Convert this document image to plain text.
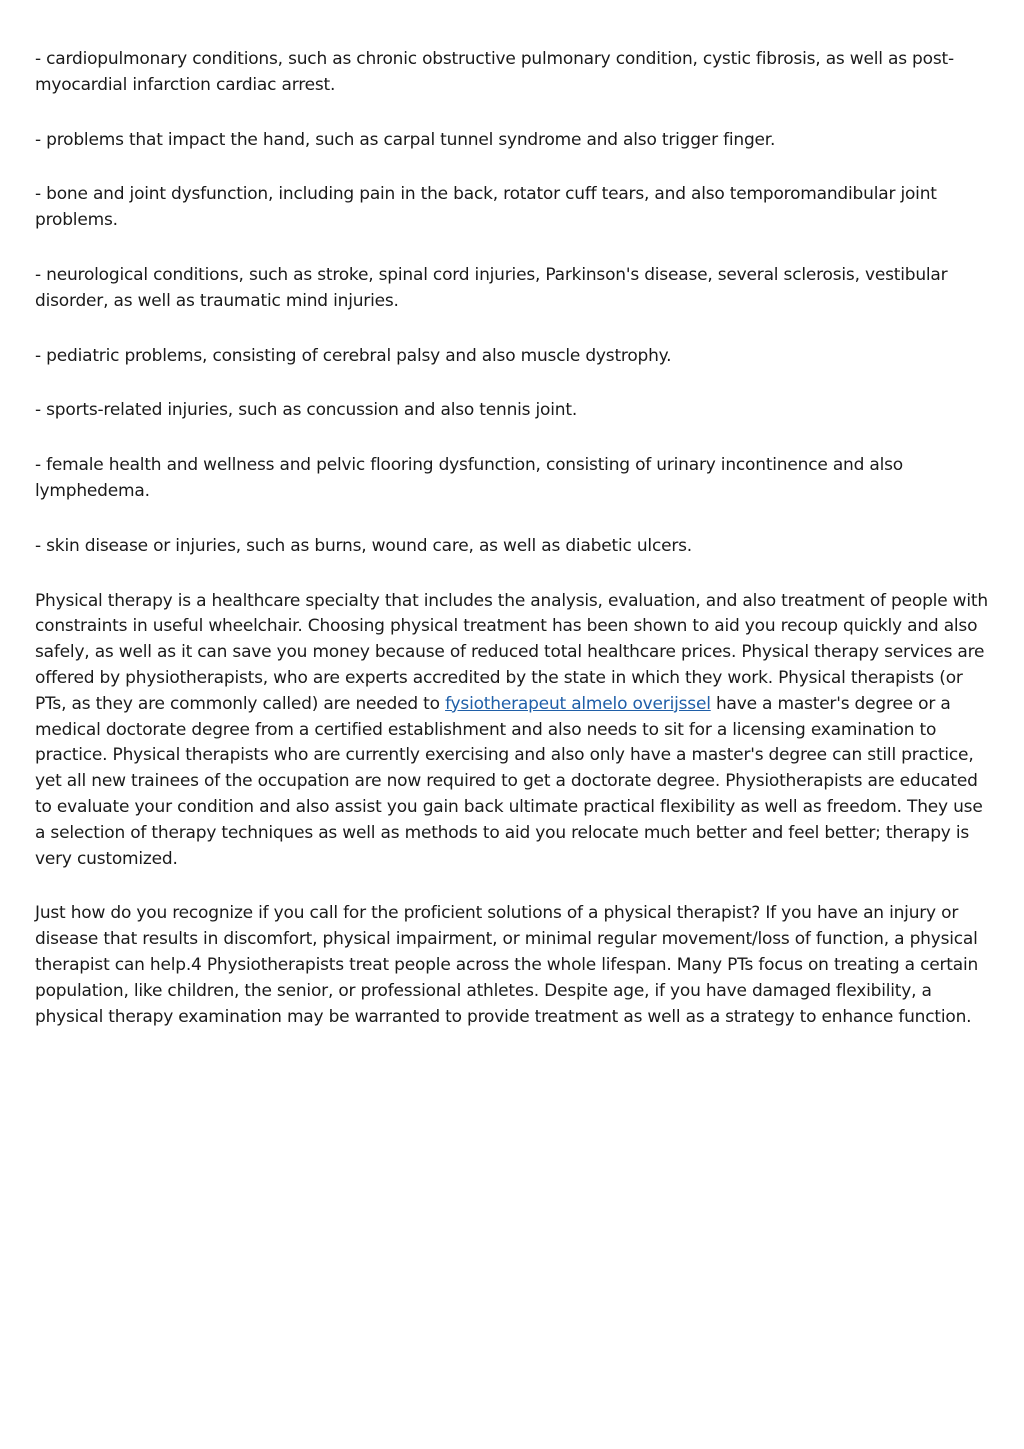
- cardiopulmonary conditions, such as chronic obstructive pulmonary condition, cystic fibrosis, as well as post-myocardial infarction cardiac arrest.

- problems that impact the hand, such as carpal tunnel syndrome and also trigger finger.

- bone and joint dysfunction, including pain in the back, rotator cuff tears, and also temporomandibular joint problems.

- neurological conditions, such as stroke, spinal cord injuries, Parkinson's disease, several sclerosis, vestibular disorder, as well as traumatic mind injuries.

- pediatric problems, consisting of cerebral palsy and also muscle dystrophy.

- sports-related injuries, such as concussion and also tennis joint.

- female health and wellness and pelvic flooring dysfunction, consisting of urinary incontinence and also lymphedema.

- skin disease or injuries, such as burns, wound care, as well as diabetic ulcers.

Physical therapy is a healthcare specialty that includes the analysis, evaluation, and also treatment of people with constraints in useful wheelchair. Choosing physical treatment has been shown to aid you recoup quickly and also safely, as well as it can save you money because of reduced total healthcare prices. Physical therapy services are offered by physiotherapists, who are experts accredited by the state in which they work. Physical therapists (or PTs, as they are commonly called) are needed to fysiotherapeut almelo overijssel have a master's degree or a medical doctorate degree from a certified establishment and also needs to sit for a licensing examination to practice. Physical therapists who are currently exercising and also only have a master's degree can still practice, yet all new trainees of the occupation are now required to get a doctorate degree. Physiotherapists are educated to evaluate your condition and also assist you gain back ultimate practical flexibility as well as freedom. They use a selection of therapy techniques as well as methods to aid you relocate much better and feel better; therapy is very customized.

Just how do you recognize if you call for the proficient solutions of a physical therapist? If you have an injury or disease that results in discomfort, physical impairment, or minimal regular movement/loss of function, a physical therapist can help.4 Physiotherapists treat people across the whole lifespan. Many PTs focus on treating a certain population, like children, the senior, or professional athletes. Despite age, if you have damaged flexibility, a physical therapy examination may be warranted to provide treatment as well as a strategy to enhance function.
